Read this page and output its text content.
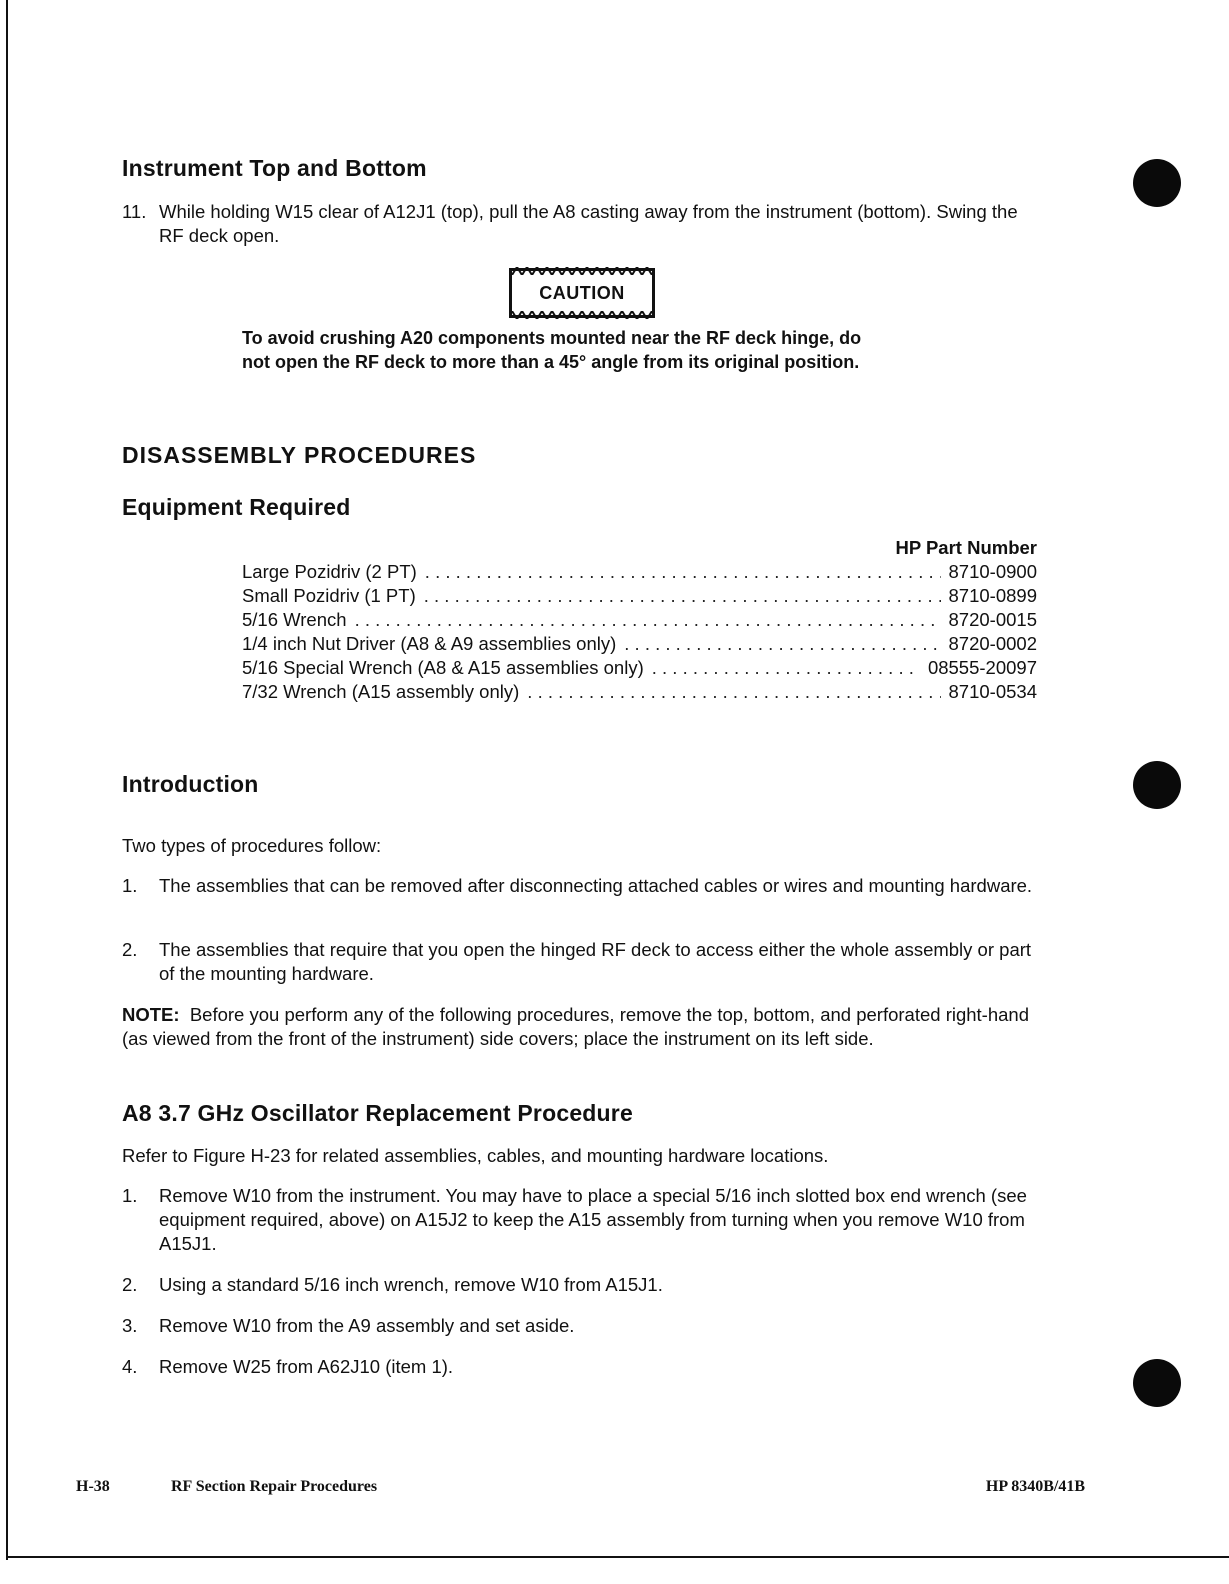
Instrument Top and Bottom
11. While holding W15 clear of A12J1 (top), pull the A8 casting away from the instrument (bottom). Swing the RF deck open.
CAUTION
To avoid crushing A20 components mounted near the RF deck hinge, do
not open the RF deck to more than a 45° angle from its original position.
DISASSEMBLY PROCEDURES
Equipment Required
HP Part Number
Large Pozidriv (2 PT) . . .	8710-0900
Small Pozidriv (1 PT) . . .	8710-0899
5/16 Wrench . . .	8720-0015
1/4 inch Nut Driver (A8 & A9 assemblies only) . . .	8720-0002
5/16 Special Wrench (A8 & A15 assemblies only) . . .	08555-20097
7/32 Wrench (A15 assembly only) . . .	8710-0534
Introduction

Two types of procedures follow:

1. The assemblies that can be removed after disconnecting attached cables or wires and mounting hardware.
2. The assemblies that require that you open the hinged RF deck to access either the whole assembly or part of the mounting hardware.

NOTE: Before you perform any of the following procedures, remove the top, bottom, and perforated right-hand (as viewed from the front of the instrument) side covers; place the instrument on its left side.

A8 3.7 GHz Oscillator Replacement Procedure

Refer to Figure H-23 for related assemblies, cables, and mounting hardware locations.

1. Remove W10 from the instrument. You may have to place a special 5/16 inch slotted box end wrench (see equipment required, above) on A15J2 to keep the A15 assembly from turning when you remove W10 from A15J1.
2. Using a standard 5/16 inch wrench, remove W10 from A15J1.
3. Remove W10 from the A9 assembly and set aside.
4. Remove W25 from A62J10 (item 1).
H-38	RF Section Repair Procedures	HP 8340B/41B
